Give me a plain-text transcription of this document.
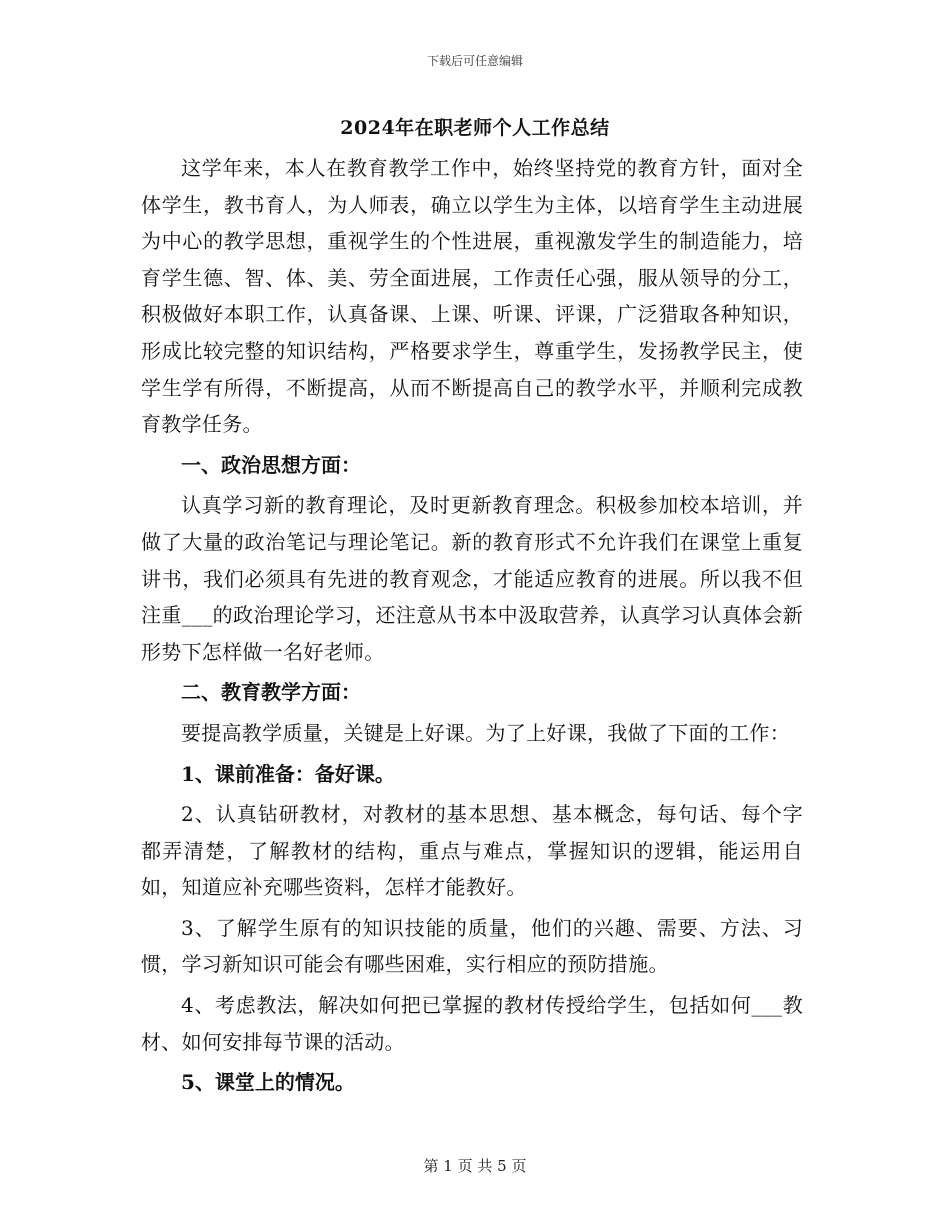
下载后可任意编辑
2024年在职老师个人工作总结

这学年来，本人在教育教学工作中，始终坚持党的教育方针，面对全体学生，教书育人，为人师表，确立以学生为主体，以培育学生主动进展为中心的教学思想，重视学生的个性进展，重视激发学生的制造能力，培育学生德、智、体、美、劳全面进展，工作责任心强，服从领导的分工，积极做好本职工作，认真备课、上课、听课、评课，广泛猎取各种知识，形成比较完整的知识结构，严格要求学生，尊重学生，发扬教学民主，使学生学有所得，不断提高，从而不断提高自己的教学水平，并顺利完成教育教学任务。

一、政治思想方面：

认真学习新的教育理论，及时更新教育理念。积极参加校本培训，并做了大量的政治笔记与理论笔记。新的教育形式不允许我们在课堂上重复讲书，我们必须具有先进的教育观念，才能适应教育的进展。所以我不但注重___的政治理论学习，还注意从书本中汲取营养，认真学习认真体会新形势下怎样做一名好老师。

二、教育教学方面：

要提高教学质量，关键是上好课。为了上好课，我做了下面的工作：

1、课前准备：备好课。

2、认真钻研教材，对教材的基本思想、基本概念，每句话、每个字都弄清楚，了解教材的结构，重点与难点，掌握知识的逻辑，能运用自如，知道应补充哪些资料，怎样才能教好。

3、了解学生原有的知识技能的质量，他们的兴趣、需要、方法、习惯，学习新知识可能会有哪些困难，实行相应的预防措施。

4、考虑教法，解决如何把已掌握的教材传授给学生，包括如何___教材、如何安排每节课的活动。

5、课堂上的情况。

第 1 页 共 5 页
